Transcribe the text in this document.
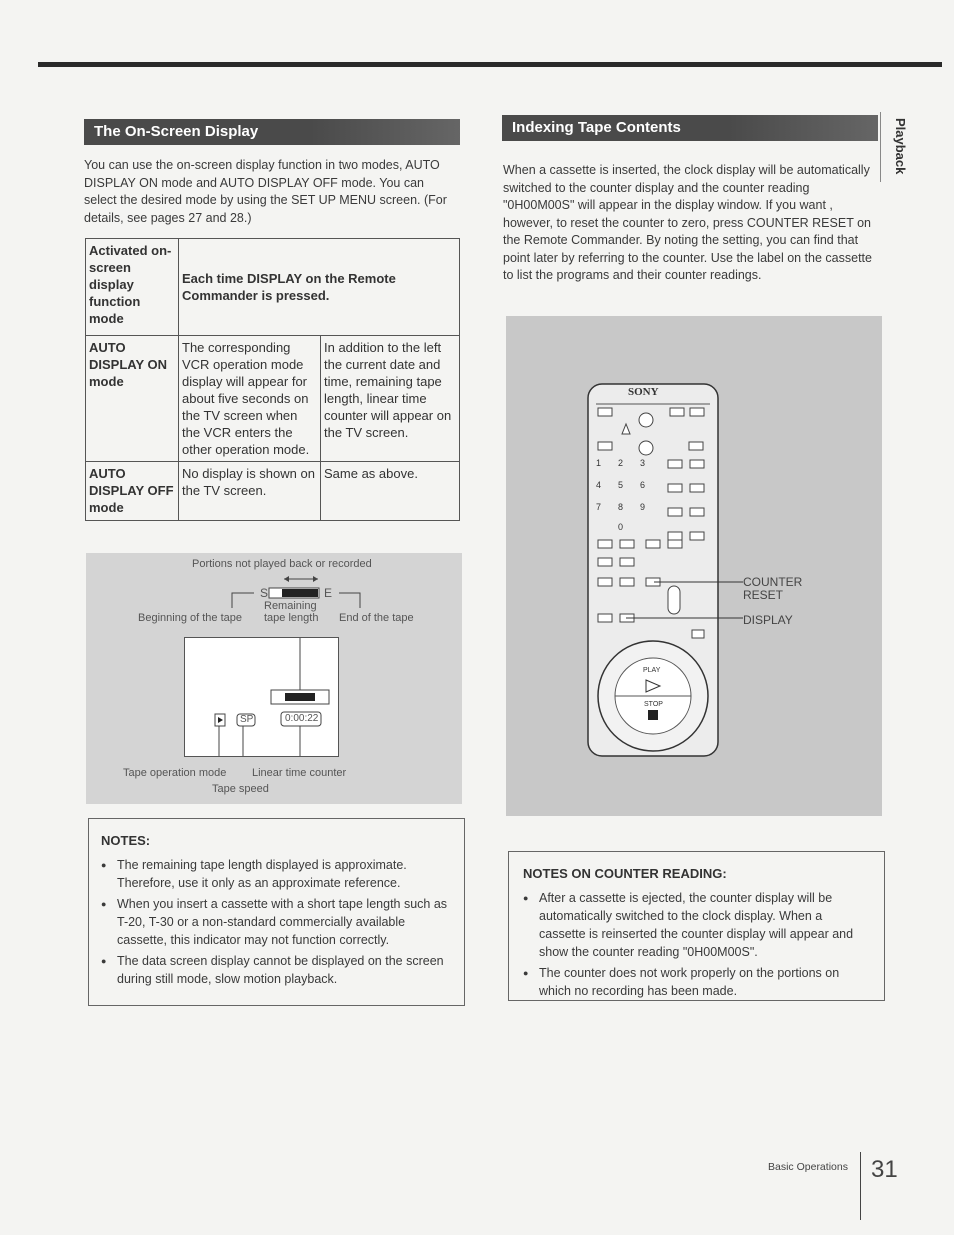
The On-Screen Display

You can use the on-screen display function in two modes, AUTO DISPLAY ON mode and AUTO DISPLAY OFF mode. You can select the desired mode by using the SET UP MENU screen. (For details, see pages 27 and 28.)

Activated on-screen display function mode	Each time DISPLAY on the Remote Commander is pressed.	
AUTO DISPLAY ON mode	The corresponding VCR operation mode display will appear for about five seconds on the TV screen when the VCR enters the other operation mode.	In addition to the left the current date and time, remaining tape length, linear time counter will appear on the TV screen.
AUTO DISPLAY OFF mode	No display is shown on the TV screen.	Same as above.
Portions not played back or recorded
S	E
Remaining
Beginning of the tape tape length End of the tape
SP	0:00:22
Tape operation mode Linear time counter
Tape speed
NOTES:
● The remaining tape length displayed is approximate. Therefore, use it only as an approximate reference.
● When you insert a cassette with a short tape length such as T-20, T-30 or a non-standard commercially available cassette, this indicator may not function correctly.
● The data screen display cannot be displayed on the screen during still mode, slow motion playback.
Indexing Tape Contents

When a cassette is inserted, the clock display will be automatically switched to the counter display and the counter reading "0H00M00S" will appear in the display window. If you want , however, to reset the counter to zero, press COUNTER RESET on the Remote Commander. By noting the setting, you can find that point later by referring to the counter. Use the label on the cassette to list the programs and their counter readings.

SONY
1 2 3
4 5 6
7 8 9
0
PLAY
STOP
COUNTER
RESET
DISPLAY
NOTES ON COUNTER READING:
● After a cassette is ejected, the counter display will be automatically switched to the clock display. When a cassette is reinserted the counter display will appear and show the counter reading "0H00M00S".
● The counter does not work properly on the portions on which no recording has been made.
Playback
Basic Operations 31
